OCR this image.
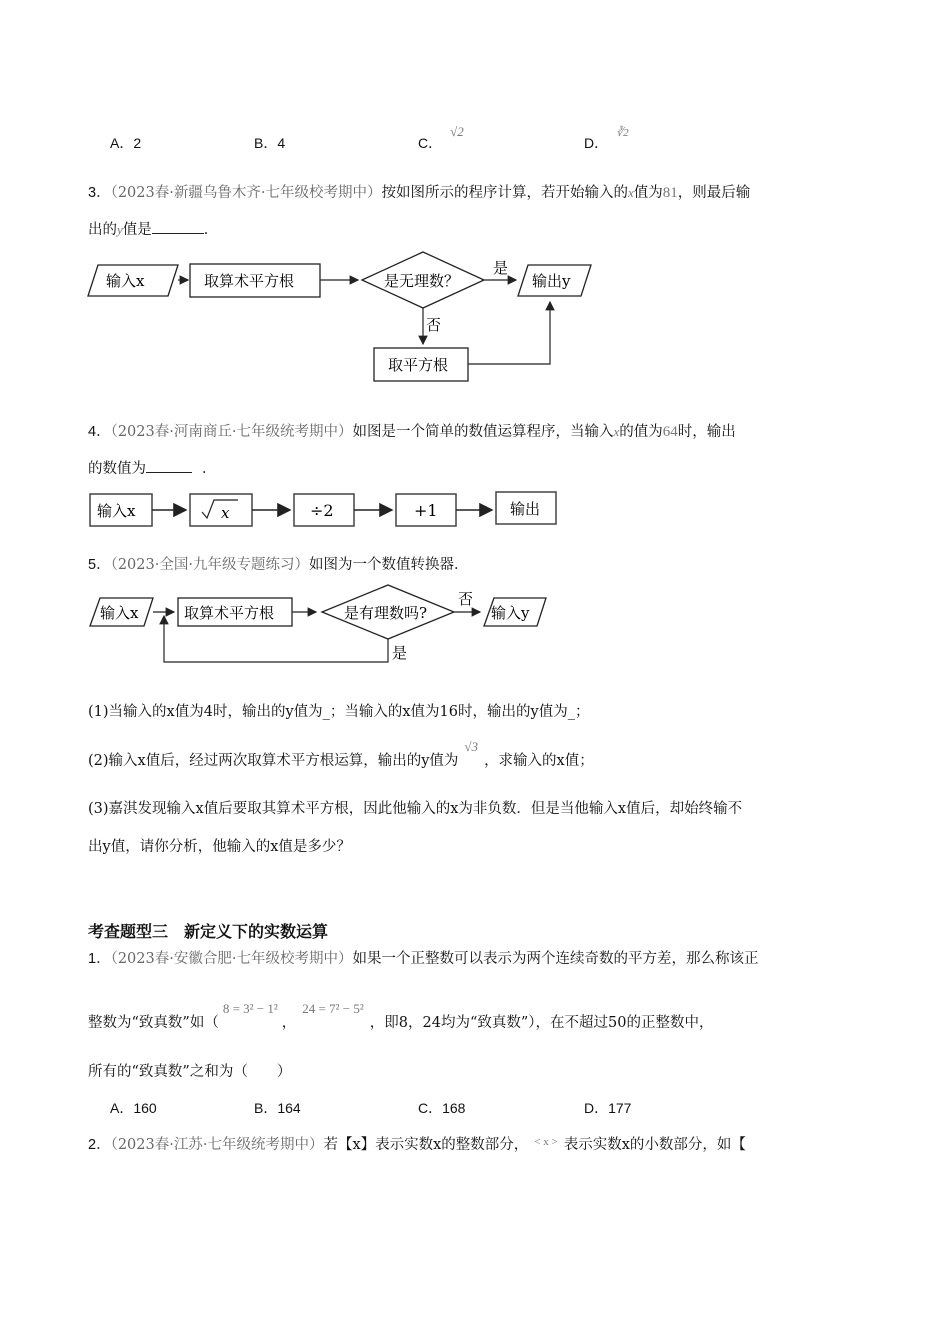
A．2	B．4	C．√2
D．$^{∛2}$
3．（2023春·新疆乌鲁木齐·七年级校考期中）按如图所示的程序计算，若开始输入的x值为81，则最后输
出的y值是	．
输入x	取算术平方根	是无理数？
是
输出y
否
取平方根
4．（2023春·河南商丘·七年级统考期中）如图是一个简单的数值运算程序，当输入x的值为64时，输出
的数值为	．
输入x	x	÷2	+1	输出
5．（2023·全国·九年级专题练习）如图为一个数值转换器．
输入x	取算术平方根	是有理数吗?
否
输入y
是
(1)当输入的x值为4时，输出的y值为_；当输入的x值为16时，输出的y值为_；
(2)输入x值后，经过两次取算术平方根运算，输出的y值为√3，求输入的x值；
(3)嘉淇发现输入x值后要取其算术平方根，因此他输入的x为非负数．但是当他输入x值后，却始终输不
出y值，请你分析，他输入的x值是多少？
考查题型三　新定义下的实数运算
1．（2023春·安徽合肥·七年级校考期中）如果一个正整数可以表示为两个连续奇数的平方差，那么称该正
整数为“致真数”如（8 = 3² − 1²，24 = 7² − 5²，即8，24均为“致真数”），在不超过50的正整数中，
所有的“致真数”之和为（　　）
A．160	B．164	C．168	D．177
2．（2023春·江苏·七年级统考期中）若【x】表示实数x的整数部分， $^{< x >}$ 表示实数x的小数部分，如【
